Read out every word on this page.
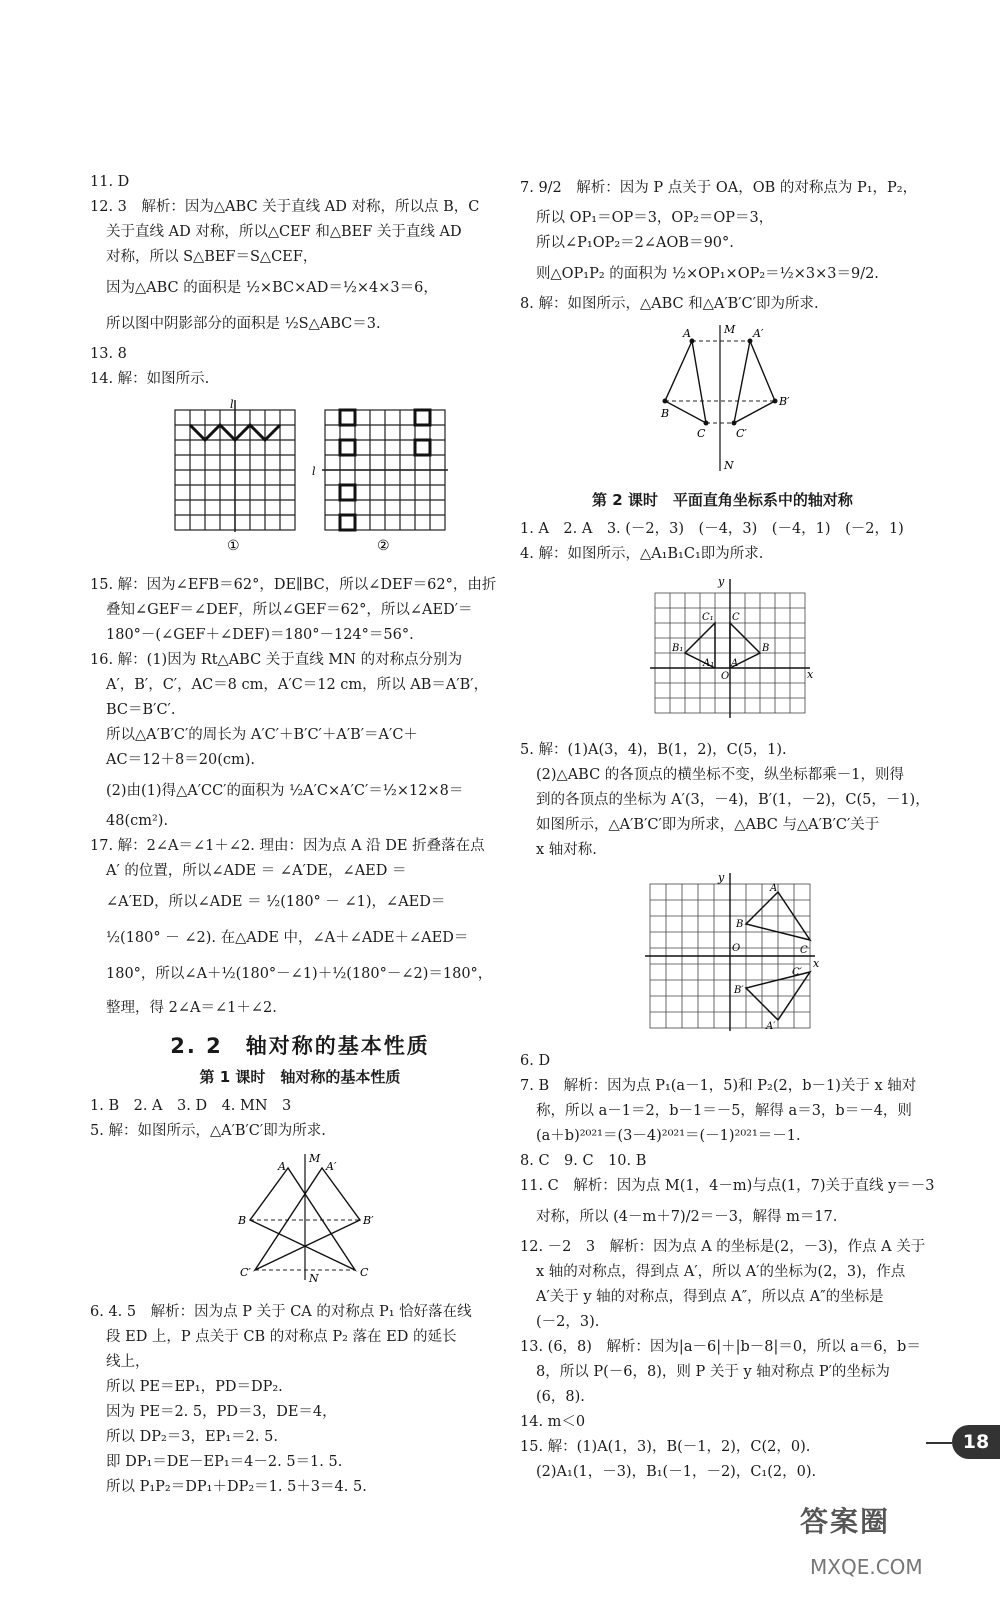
11. D
12. 3　解析：因为△ABC 关于直线 AD 对称，所以点 B，C
关于直线 AD 对称，所以△CEF 和△BEF 关于直线 AD
对称，所以 S△BEF＝S△CEF，
因为△ABC 的面积是 ½×BC×AD＝½×4×3＝6，
所以图中阴影部分的面积是 ½S△ABC＝3.
13. 8
14. 解：如图所示.
l
l
①	②
15. 解：因为∠EFB＝62°，DE∥BC，所以∠DEF＝62°，由折
叠知∠GEF＝∠DEF，所以∠GEF＝62°，所以∠AED′＝
180°－(∠GEF＋∠DEF)＝180°－124°＝56°.
16. 解：(1)因为 Rt△ABC 关于直线 MN 的对称点分别为
A′，B′，C′，AC＝8 cm，A′C＝12 cm，所以 AB＝A′B′，
BC＝B′C′.
所以△A′B′C′的周长为 A′C′＋B′C′＋A′B′＝A′C＋
AC＝12＋8＝20(cm).
(2)由(1)得△A′CC′的面积为 ½A′C×A′C′＝½×12×8＝
48(cm²).
17. 解：2∠A＝∠1＋∠2. 理由：因为点 A 沿 DE 折叠落在点
A′ 的位置，所以∠ADE ＝ ∠A′DE，∠AED ＝
∠A′ED，所以∠ADE ＝ ½(180° － ∠1)，∠AED＝
½(180° － ∠2). 在△ADE 中，∠A＋∠ADE＋∠AED＝
180°，所以∠A＋½(180°－∠1)＋½(180°－∠2)＝180°，
整理，得 2∠A＝∠1＋∠2.
2. 2　轴对称的基本性质
第 1 课时　轴对称的基本性质
1. B　2. A　3. D　4. MN　3
5. 解：如图所示，△A′B′C′即为所求.
M
A	A′
B	B′
C′	C
N
6. 4. 5　解析：因为点 P 关于 CA 的对称点 P₁ 恰好落在线
段 ED 上，P 点关于 CB 的对称点 P₂ 落在 ED 的延长
线上，
所以 PE＝EP₁，PD＝DP₂.
因为 PE＝2. 5，PD＝3，DE＝4，
所以 DP₂＝3，EP₁＝2. 5.
即 DP₁＝DE－EP₁＝4－2. 5＝1. 5.
所以 P₁P₂＝DP₁＋DP₂＝1. 5＋3＝4. 5.
7. 9/2　解析：因为 P 点关于 OA，OB 的对称点为 P₁，P₂，
所以 OP₁＝OP＝3，OP₂＝OP＝3，
所以∠P₁OP₂＝2∠AOB＝90°.
则△OP₁P₂ 的面积为 ½×OP₁×OP₂＝½×3×3＝9/2.
8. 解：如图所示，△ABC 和△A′B′C′即为所求.
M
A	A′
B
B′
C	C′
N
第 2 课时　平面直角坐标系中的轴对称
1. A　2. A　3. (－2，3)　(－4，3)　(－4，1)　(－2，1)
4. 解：如图所示，△A₁B₁C₁即为所求.
y
x
O
C₁ C
B₁	B
A₁ A
5. 解：(1)A(3，4)，B(1，2)，C(5，1).
(2)△ABC 的各顶点的横坐标不变，纵坐标都乘－1，则得
到的各顶点的坐标为 A′(3，－4)，B′(1，－2)，C(5，－1)，
如图所示，△A′B′C′即为所求，△ABC 与△A′B′C′关于
x 轴对称.
y
x
O
A
B
C
A′
B′
C′
6. D
7. B　解析：因为点 P₁(a－1，5)和 P₂(2，b－1)关于 x 轴对
称，所以 a－1＝2，b－1＝－5，解得 a＝3，b＝－4，则
(a＋b)²⁰²¹＝(3－4)²⁰²¹＝(－1)²⁰²¹＝－1.
8. C　9. C　10. B
11. C　解析：因为点 M(1，4－m)与点(1，7)关于直线 y＝－3
对称，所以 (4－m＋7)/2＝－3，解得 m＝17.
12. －2　3　解析：因为点 A 的坐标是(2，－3)，作点 A 关于
x 轴的对称点，得到点 A′，所以 A′的坐标为(2，3)，作点
A′关于 y 轴的对称点，得到点 A″，所以点 A″的坐标是
(－2，3).
13. (6，8)　解析：因为|a－6|＋|b－8|＝0，所以 a＝6，b＝
8，所以 P(－6，8)，则 P 关于 y 轴对称点 P′的坐标为
(6，8).
14. m＜0
15. 解：(1)A(1，3)，B(－1，2)，C(2，0).
(2)A₁(1，－3)，B₁(－1，－2)，C₁(2，0).
18
答案圈
MXQE.COM
